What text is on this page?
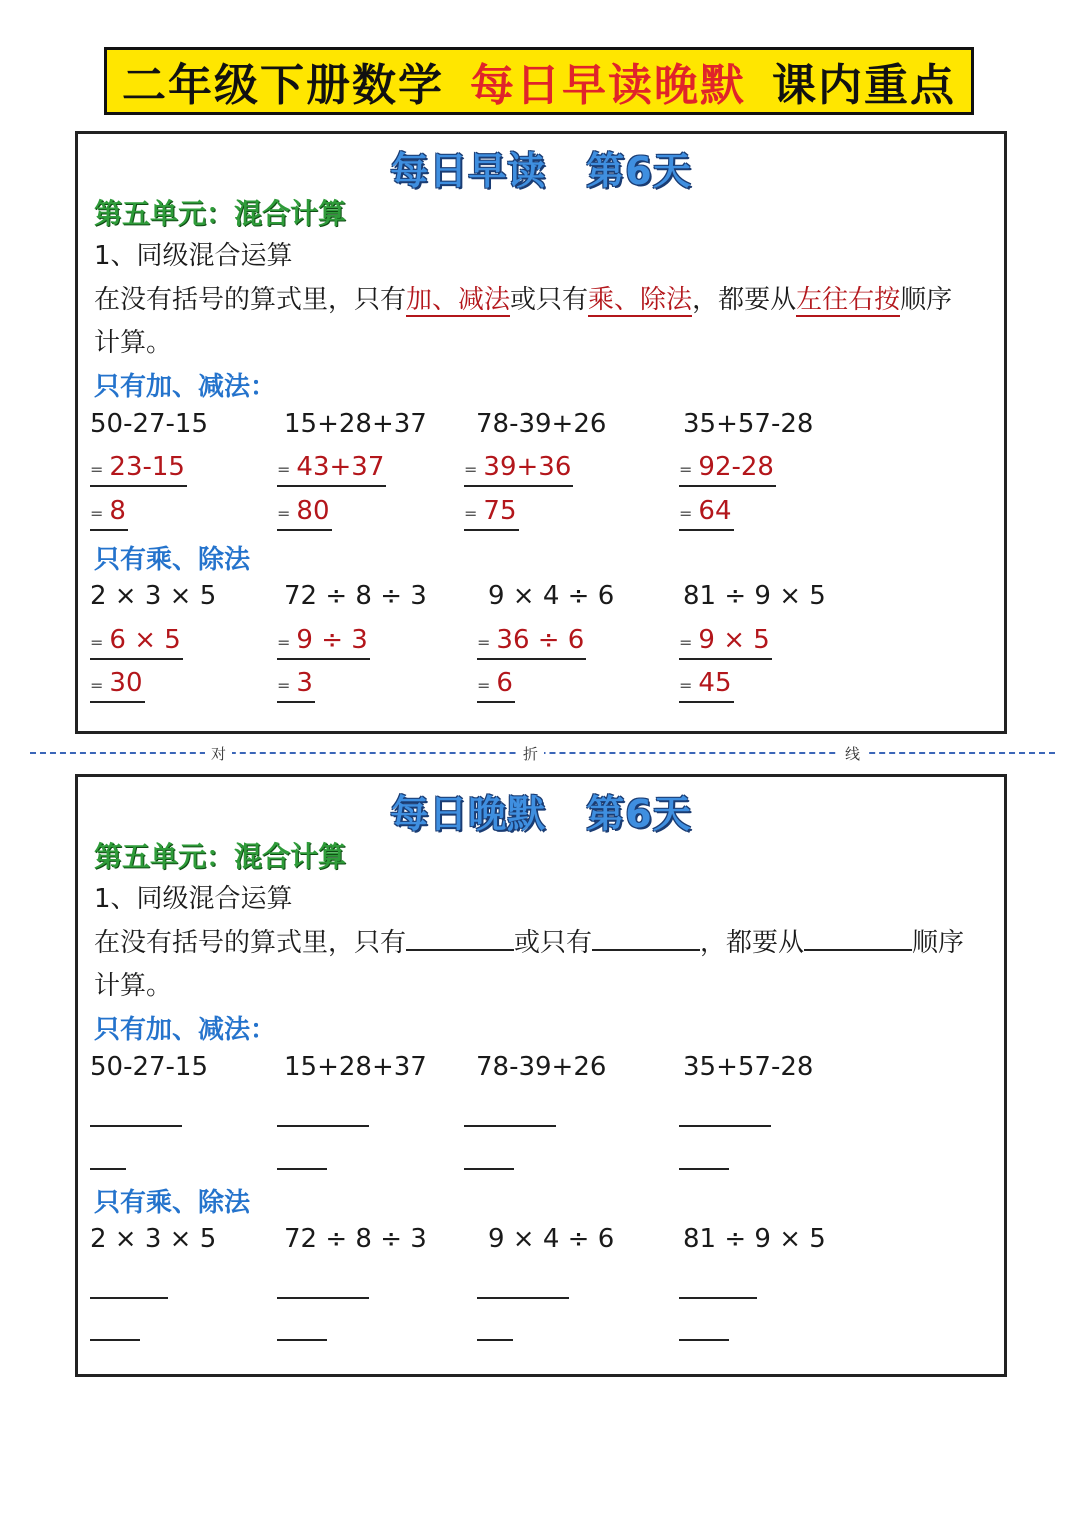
二年级下册数学 每日早读晚默 课内重点
每日早读 第6天
第五单元：混合计算
1、同级混合运算
在没有括号的算式里，只有加、减法或只有乘、除法，都要从左往右按顺序
计算。
只有加、减法：
50-27-15	15+28+37 78-39+26	35+57-28
= 23-15	= 43+37	= 39+36	= 92-28
= 8	= 80	= 75	= 64
只有乘、除法
2 × 3 × 5	72 ÷ 8 ÷ 3 9 × 4 ÷ 6	81 ÷ 9 × 5
= 6 × 5	= 9 ÷ 3	= 36 ÷ 6	= 9 × 5
= 30	= 3	= 6	= 45
对	折	线
每日晚默 第6天
第五单元：混合计算
1、同级混合运算
在没有括号的算式里，只有	或只有	，都要从	顺序
计算。
只有加、减法：
50-27-15	15+28+37 78-39+26	35+57-28
只有乘、除法
2 × 3 × 5	72 ÷ 8 ÷ 3 9 × 4 ÷ 6	81 ÷ 9 × 5
